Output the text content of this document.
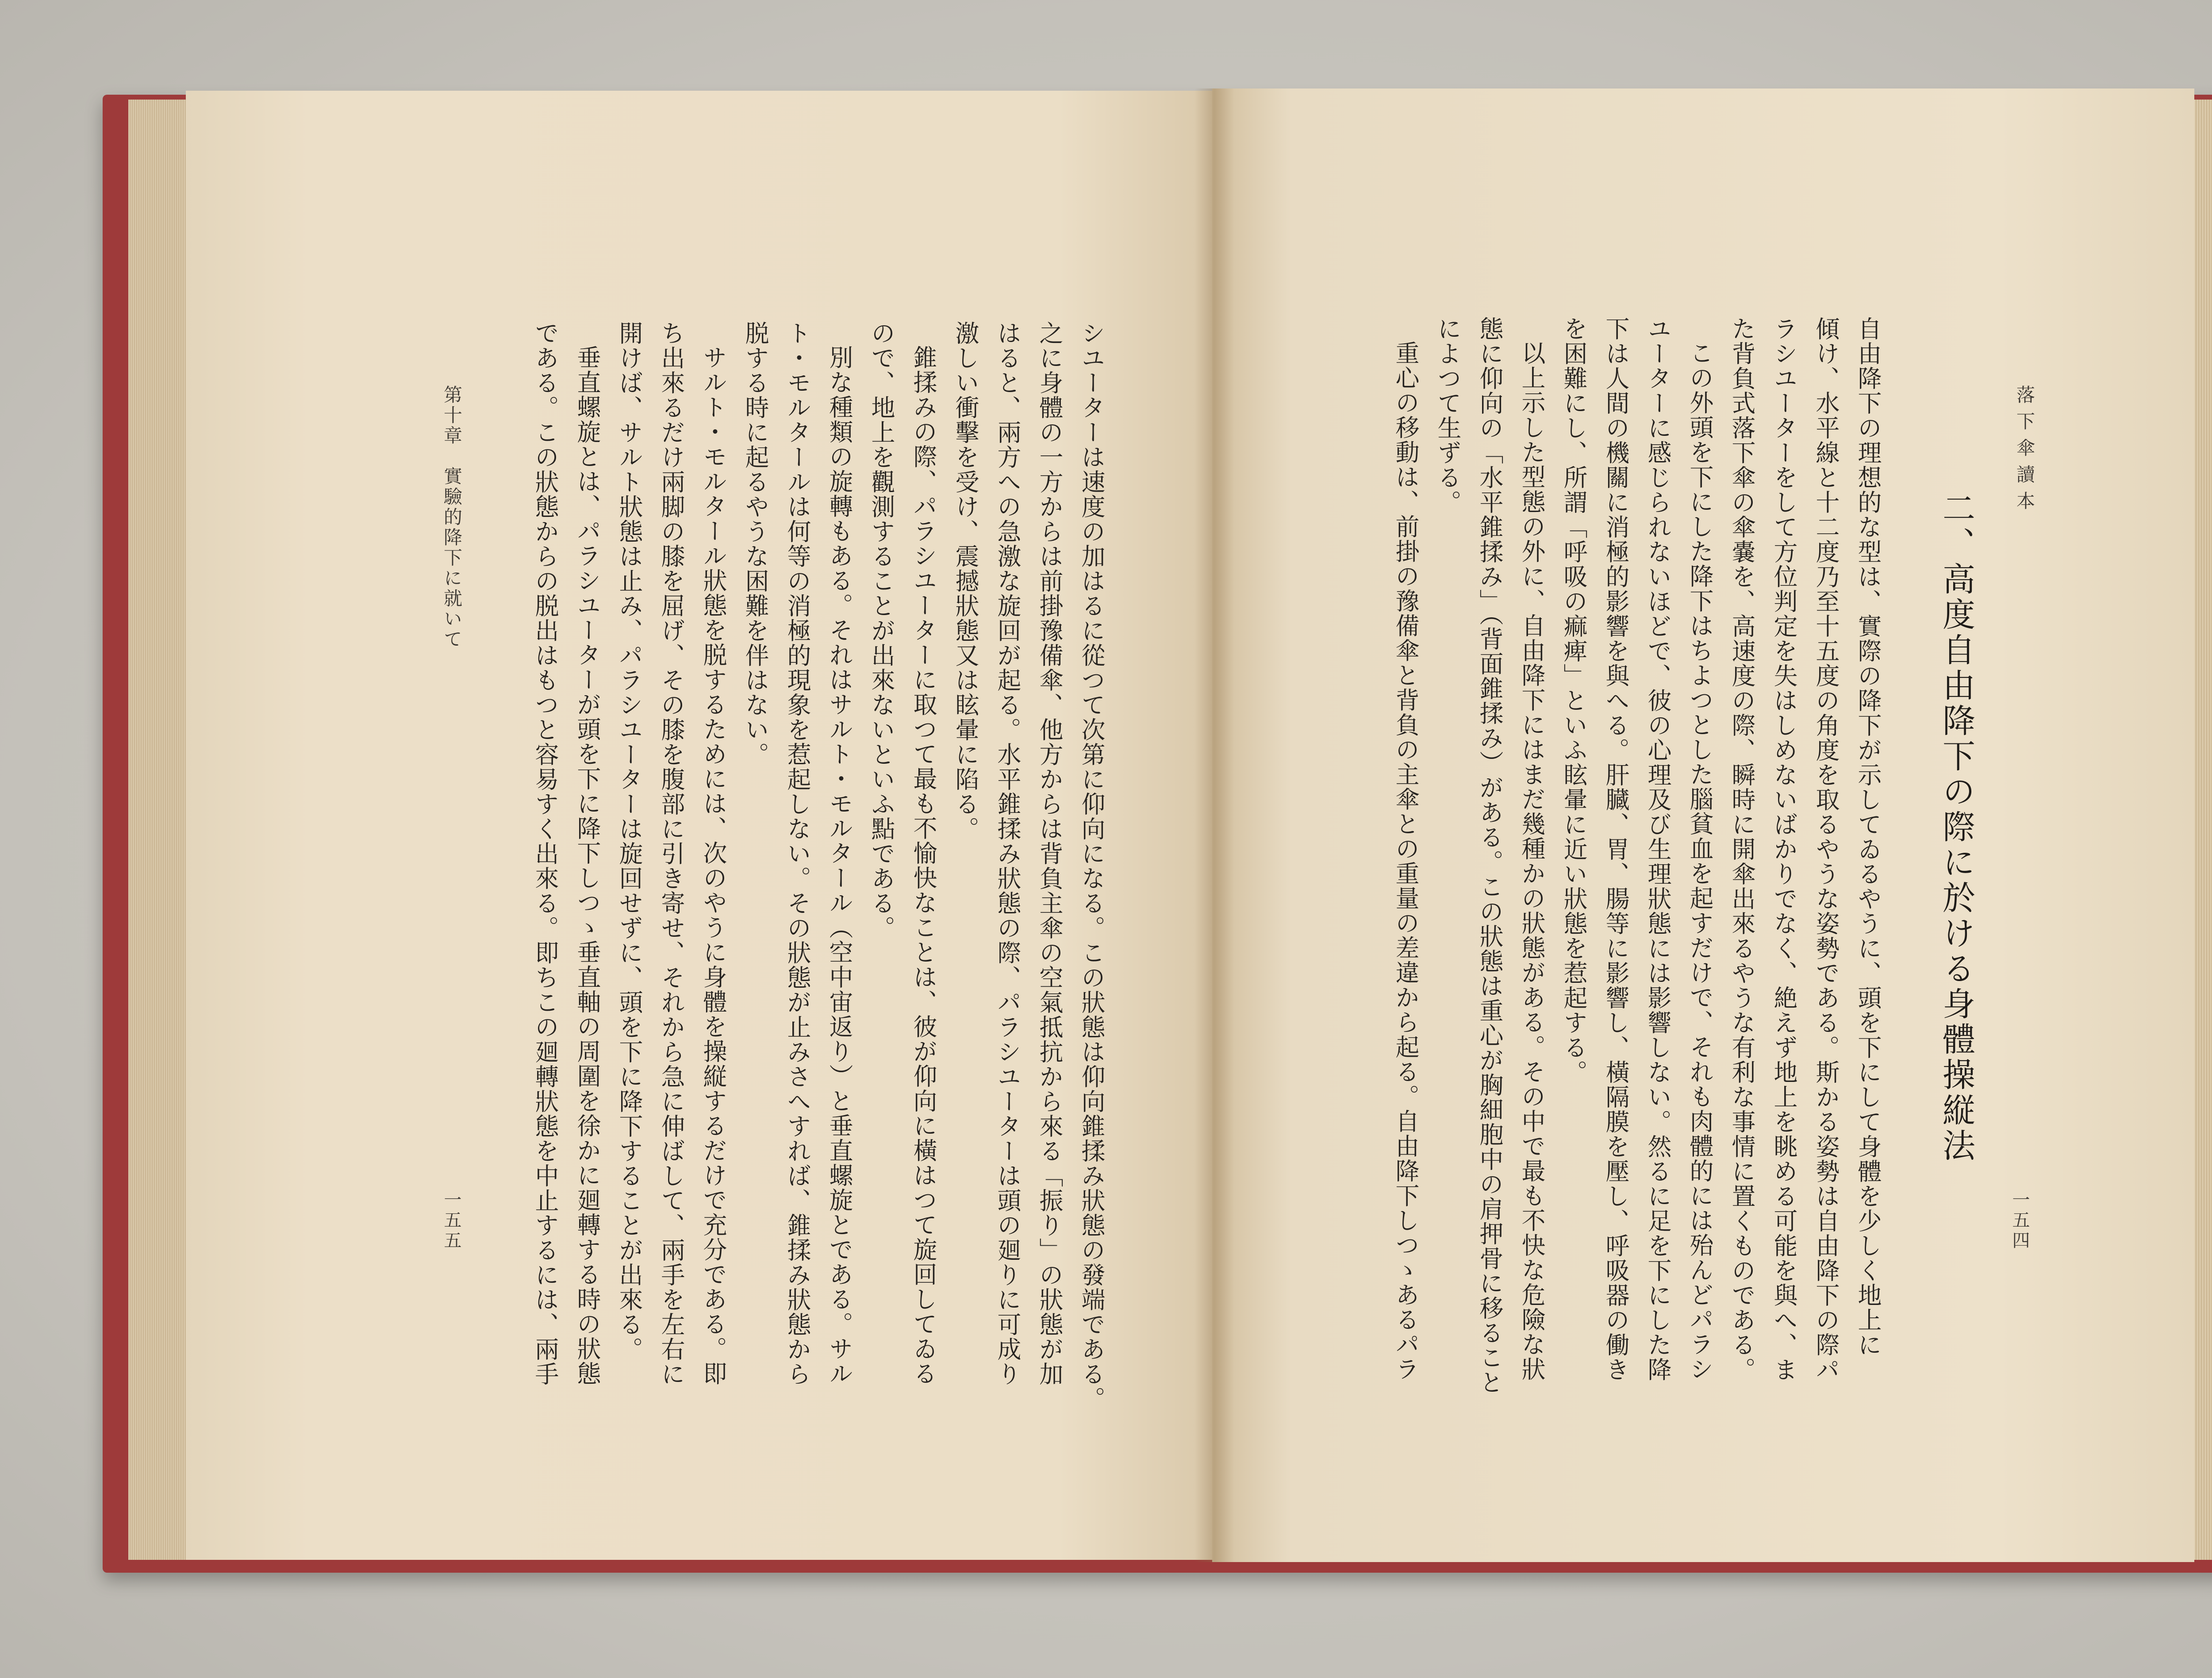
落下傘讀本
二、高度自由降下の際に於ける身體操縦法
自由降下の理想的な型は、實際の降下が示してゐるやうに、頭を下にして身體を少しく地上に
傾け、水平線と十二度乃至十五度の角度を取るやうな姿勢である。斯かる姿勢は自由降下の際パ
ラシユーターをして方位判定を失はしめないばかりでなく、絶えず地上を眺める可能を與へ、ま
た背負式落下傘の傘嚢を、高速度の際、瞬時に開傘出來るやうな有利な事情に置くものである。
この外頭を下にした降下はちよつとした腦貧血を起すだけで、それも肉體的には殆んどパラシ
ユーターに感じられないほどで、彼の心理及び生理狀態には影響しない。然るに足を下にした降
下は人間の機關に消極的影響を與へる。肝臓、胃、腸等に影響し、橫隔膜を壓し、呼吸器の働き
を困難にし、所謂「呼吸の痲痺」といふ眩暈に近い狀態を惹起する。
以上示した型態の外に、自由降下にはまだ幾種かの狀態がある。その中で最も不快な危險な狀
態に仰向の「水平錐揉み」（背面錐揉み）がある。この狀態は重心が胸細胞中の肩押骨に移ること
によつて生ずる。
重心の移動は、前掛の豫備傘と背負の主傘との重量の差違から起る。自由降下しつゝあるパラ	一五四
シユーターは速度の加はるに從つて次第に仰向になる。この狀態は仰向錐揉み狀態の發端である。
之に身體の一方からは前掛豫備傘、他方からは背負主傘の空氣抵抗から來る「振り」の狀態が加
はると、兩方への急激な旋回が起る。水平錐揉み狀態の際、パラシユーターは頭の廻りに可成り
激しい衝擊を受け、震撼狀態又は眩暈に陷る。
錐揉みの際、パラシユーターに取つて最も不愉快なことは、彼が仰向に橫はつて旋回してゐる
ので、地上を觀測することが出來ないといふ點である。
別な種類の旋轉もある。それはサルト・モルタール（空中宙返り）と垂直螺旋とである。サル
ト・モルタールは何等の消極的現象を惹起しない。その狀態が止みさへすれば、錐揉み狀態から
脱する時に起るやうな困難を伴はない。
サルト・モルタール狀態を脱するためには、次のやうに身體を操縦するだけで充分である。即
ち出來るだけ兩脚の膝を屈げ、その膝を腹部に引き寄せ、それから急に伸ばして、兩手を左右に
開けば、サルト狀態は止み、パラシユーターは旋回せずに、頭を下に降下することが出來る。
垂直螺旋とは、パラシユーターが頭を下に降下しつゝ垂直軸の周圍を徐かに廻轉する時の狀態
である。この狀態からの脱出はもつと容易すく出來る。即ちこの廻轉狀態を中止するには、兩手
第十章　實驗的降下に就いて
一五五
